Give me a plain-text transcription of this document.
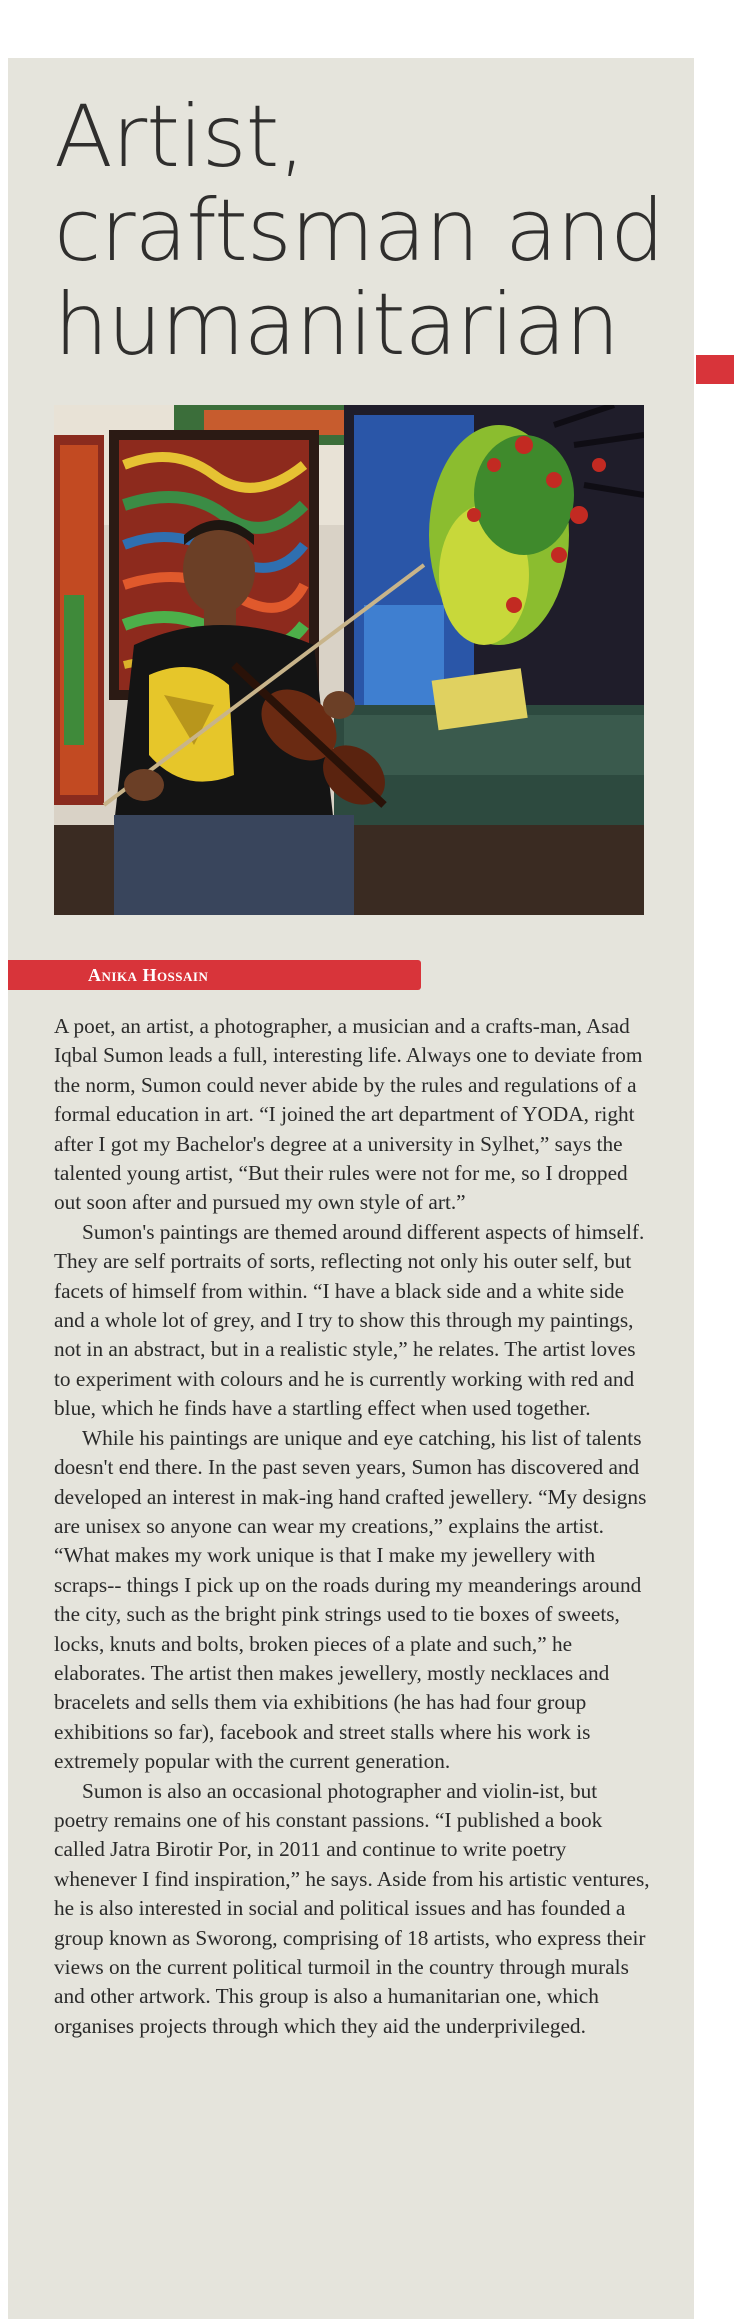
Artist,
craftsman and
humanitarian
Anika Hossain

A poet, an artist, a photographer, a musician and a crafts-man, Asad Iqbal Sumon leads a full, interesting life. Always one to deviate from the norm, Sumon could never abide by the rules and regulations of a formal education in art. “I joined the art department of YODA, right after I got my Bachelor's degree at a university in Sylhet,” says the talented young artist, “But their rules were not for me, so I dropped out soon after and pursued my own style of art.”

Sumon's paintings are themed around different aspects of himself. They are self portraits of sorts, reflecting not only his outer self, but facets of himself from within. “I have a black side and a white side and a whole lot of grey, and I try to show this through my paintings, not in an abstract, but in a realistic style,” he relates. The artist loves to experiment with colours and he is currently working with red and blue, which he finds have a startling effect when used together.

While his paintings are unique and eye catching, his list of talents doesn't end there. In the past seven years, Sumon has discovered and developed an interest in mak-ing hand crafted jewellery. “My designs are unisex so anyone can wear my creations,” explains the artist. “What makes my work unique is that I make my jewellery with scraps-- things I pick up on the roads during my meanderings around the city, such as the bright pink strings used to tie boxes of sweets, locks, knuts and bolts, broken pieces of a plate and such,” he elaborates. The artist then makes jewellery, mostly necklaces and bracelets and sells them via exhibitions (he has had four group exhibitions so far), facebook and street stalls where his work is extremely popular with the current generation.

Sumon is also an occasional photographer and violin-ist, but poetry remains one of his constant passions. “I published a book called Jatra Birotir Por, in 2011 and continue to write poetry whenever I find inspiration,” he says. Aside from his artistic ventures, he is also interested in social and political issues and has founded a group known as Sworong, comprising of 18 artists, who express their views on the current political turmoil in the country through murals and other artwork. This group is also a humanitarian one, which organises projects through which they aid the underprivileged.
